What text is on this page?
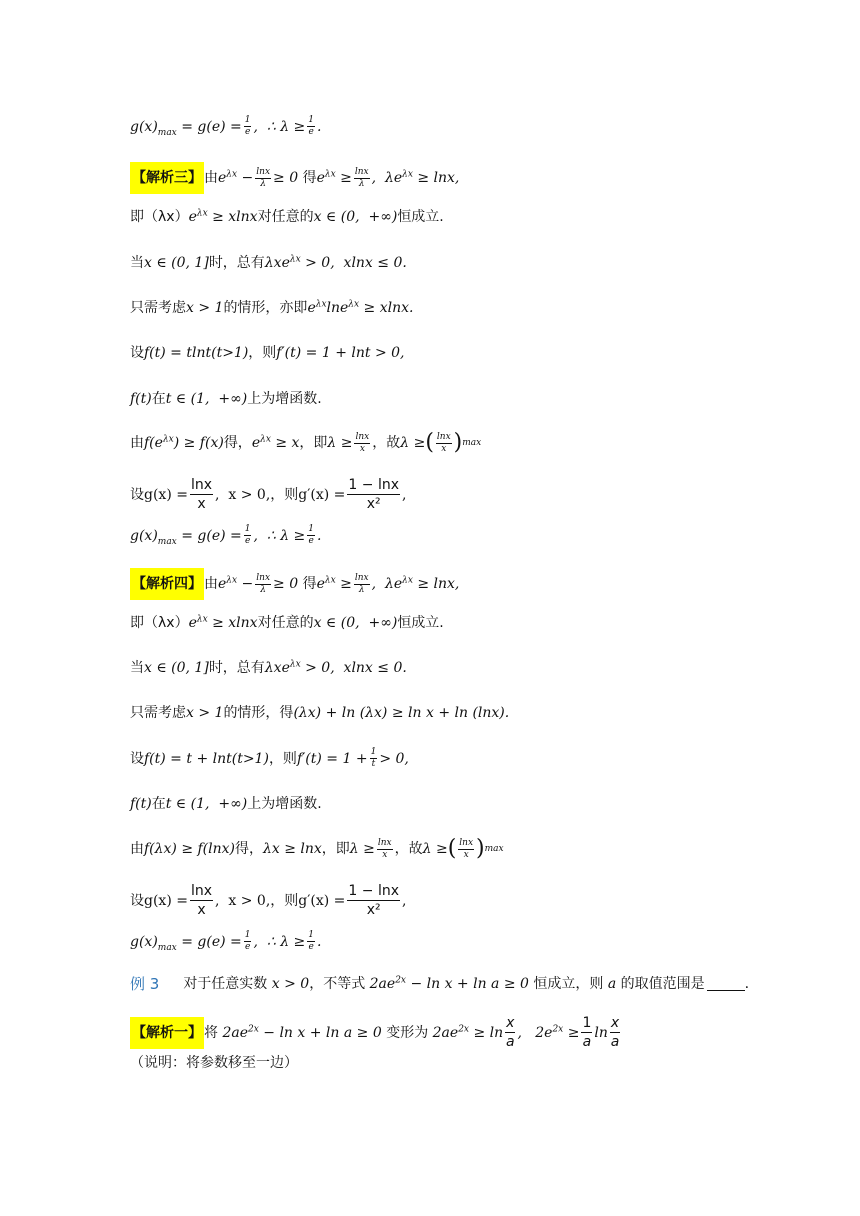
$g(x)_{max} = g(e) = \frac{1}{e}$ ,  ∴ $\lambda \ge \frac{1}{e}$ .
【解析三】 由 $e^{\lambda x} - \frac{\ln x}{\lambda} \ge 0$ 得 $e^{\lambda x} \ge \frac{\ln x}{\lambda}$ ,  $\lambda e^{\lambda x} \ge \ln x$,
即（λx） $e^{\lambda x} \ge xlnx$ 对任意的 x ∈ (0,  +∞) 恒成立.
当 x ∈ (0, 1] 时，总有 λxe$^{\lambda x}$ > 0,  xlnx ≤ 0.
只需考虑 x > 1 的情形，亦即 $e^{\lambda x}\ln e^{\lambda x} \ge xlnx$.
设 f(t) = tlnt(t>1) ，则 f′(t) = 1 + lnt > 0,
f(t) 在 t ∈ (1,  +∞) 上为增函数.
由 $f(e^{\lambda x}) \ge f(x)$ 得， $e^{\lambda x} \ge x$ ，即 $\lambda \ge \frac{\ln x}{x}$ ，故 λ ≥ ( $\frac{\ln x}{x}$ ) max
设 $g(x) = \frac{\ln x}{x}$ ,  x > 0, ，则 $g'(x) = \frac{1 - \ln x}{\text{x²}}$ ,
$g(x)_{max} = g(e) = \frac{1}{e}$ ,  ∴ $\lambda \ge \frac{1}{e}$ .
【解析四】 由 $e^{\lambda x} - \frac{\ln x}{\lambda} \ge 0$ 得 $e^{\lambda x} \ge \frac{\ln x}{\lambda}$ ,  $\lambda e^{\lambda x} \ge \ln x$,
即（λx） $e^{\lambda x} \ge xlnx$ 对任意的 x ∈ (0,  +∞) 恒成立.
当 x ∈ (0, 1] 时，总有 λxe$^{\lambda x}$ > 0,  xlnx ≤ 0.
只需考虑 x > 1 的情形，得 (λx) + ln (λx) ≥ ln x + ln (lnx).
设 f(t) = t + lnt(t>1) ，则 $f'(t) = 1 + \frac{1}{t} > 0$,
f(t) 在 t ∈ (1,  +∞) 上为增函数.
由 f(λx) ≥ f(lnx) 得， λx ≥ lnx ，即 $\lambda \ge \frac{\ln x}{x}$ ，故 λ ≥ ( $\frac{\ln x}{x}$ ) max
设 $g(x) = \frac{\ln x}{x}$ ,  x > 0, ，则 $g'(x) = \frac{1 - \ln x}{\text{x²}}$ ,
$g(x)_{max} = g(e) = \frac{1}{e}$ ,  ∴ $\lambda \ge \frac{1}{e}$ .
例 3 对于任意实数 x > 0 ，不等式 $2ae^{2x} - \ln x + \ln a \ge 0$ 恒成立，则 a 的取值范围是	.
【解析一】 将 $2ae^{2x} - \ln x + \ln a \ge 0$ 变形为 $2ae^{2x} \ge \ln \frac{x}{a}$ ,   $2e^{2x} \ge \frac{1}{a}$ $\ln \frac{x}{a}$
（说明：将参数移至一边）
